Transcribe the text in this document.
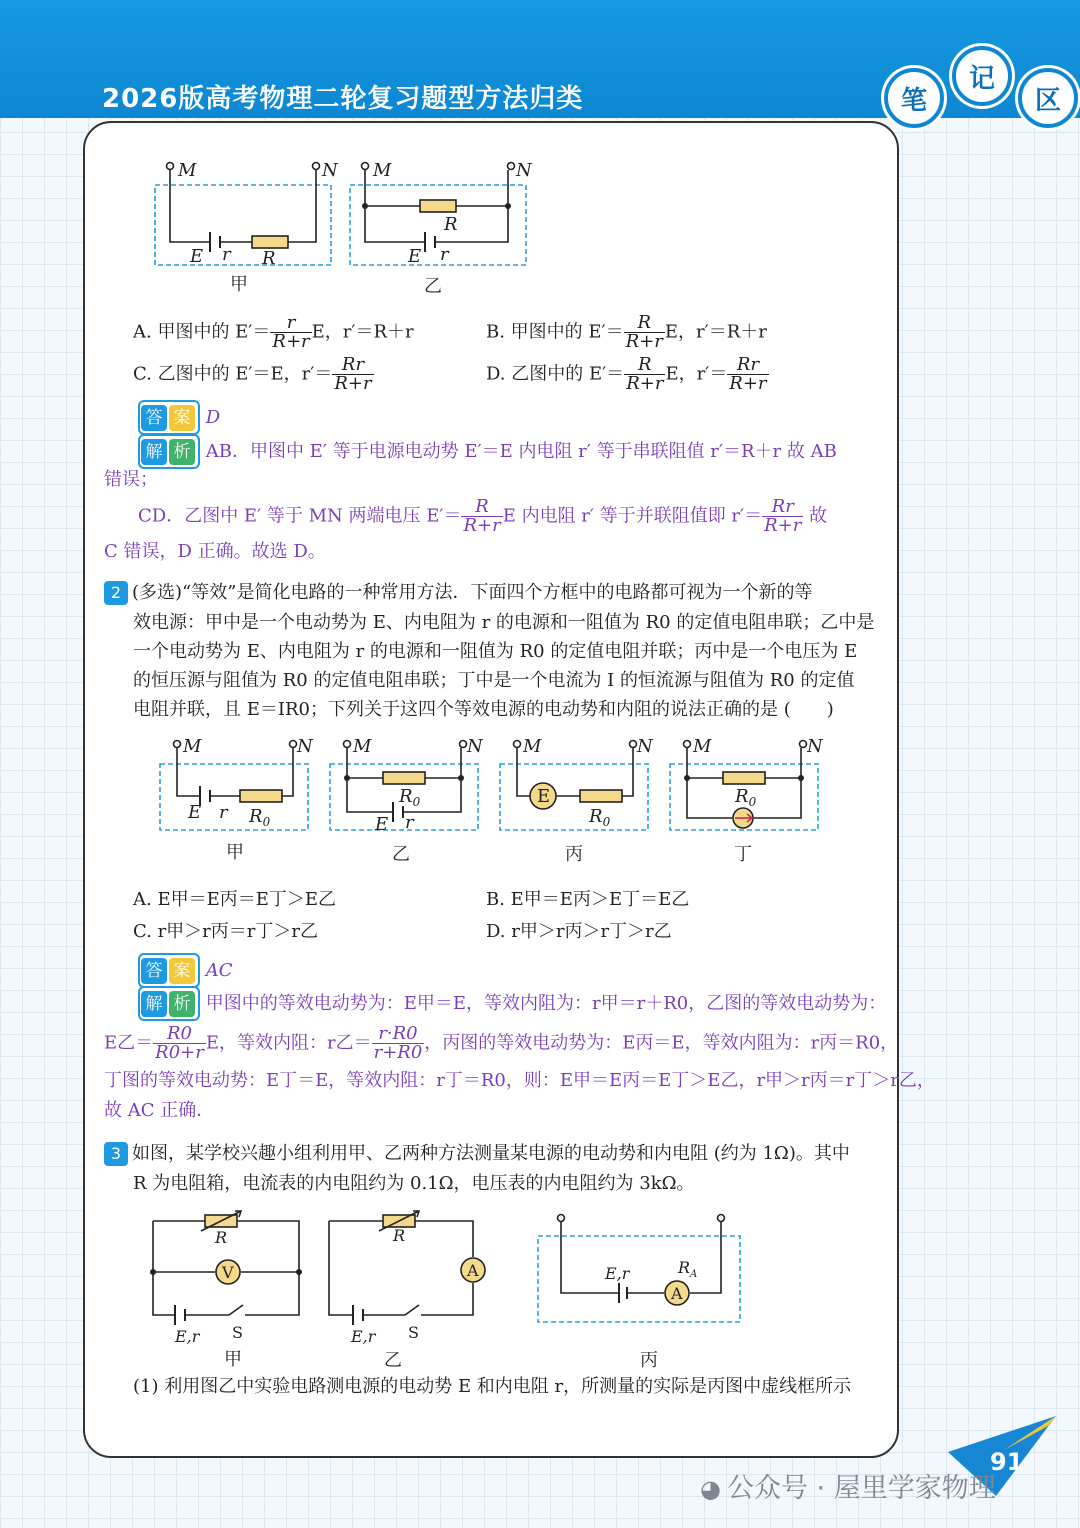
2026版高考物理二轮复习题型方法归类	笔
记
区
M	N
E r R
M	N
R
E r
甲	乙
A. 甲图中的 $E'= \frac{r}{R+r}$ E，r′＝R＋r	B. 甲图中的 $E'= \frac{R}{R+r}$ E，r′＝R＋r
C. 乙图中的 E′＝E，$r'= \frac{Rr}{R+r}$	D. 乙图中的 $E'= \frac{R}{R+r}$ E，$r'= \frac{Rr}{R+r}$
答 案 D
解 析 AB．甲图中 E′ 等于电源电动势 E′＝E 内电阻 r′ 等于串联阻值 r′＝R＋r 故 AB
错误；
CD．乙图中 E′ 等于 MN 两端电压 $E'= \frac{R}{R+r}$ E 内电阻 r′ 等于并联阻值即 $r'= \frac{Rr}{R+r}$ 故
C 错误，D 正确。故选 D。
2 (多选)“等效”是简化电路的一种常用方法．下面四个方框中的电路都可视为一个新的等
效电源：甲中是一个电动势为 E、内电阻为 r 的电源和一阻值为 R0 的定值电阻串联；乙中是
一个电动势为 E、内电阻为 r 的电源和一阻值为 R0 的定值电阻并联；丙中是一个电压为 E
的恒压源与阻值为 R0 的定值电阻串联；丁中是一个电流为 I 的恒流源与阻值为 R0 的定值
电阻并联，且 E＝IR0；下列关于这四个等效电源的电动势和内阻的说法正确的是 (　　)
M	N
E r $R_0$
M	N
$R_0$
E r
M	N
E
$R_0$
M	N
$R_0$
甲	乙	丙	丁
A. E甲＝E丙＝E丁＞E乙	B. E甲＝E丙＞E丁＝E乙
C. r甲＞r丙＝r丁＞r乙	D. r甲＞r丙＞r丁＞r乙
答 案 AC
解 析 甲图中的等效电动势为：E甲＝E，等效内阻为：r甲＝r＋R0，乙图的等效电动势为：
E乙＝ $\frac{R0}{R0+r}$ E，等效内阻：r乙＝ $\frac{r\cdot R0}{r+R0}$ ，丙图的等效电动势为：E丙＝E，等效内阻为：r丙＝R0，
丁图的等效电动势：E丁＝E，等效内阻：r丁＝R0，则：E甲＝E丙＝E丁＞E乙，r甲＞r丙＝r丁＞r乙，
故 AC 正确．
3 如图，某学校兴趣小组利用甲、乙两种方法测量某电源的电动势和内电阻 (约为 1Ω)。其中
R 为电阻箱，电流表的内电阻约为 0.1Ω，电压表的内电阻约为 3kΩ。
R
V
E,r S
R
A
E,r S
E,r	$R_A$
A
甲	乙	丙
(1) 利用图乙中实验电路测电源的电动势 E 和内电阻 r，所测量的实际是丙图中虚线框所示
91
◕ 公众号 · 屋里学家物理
